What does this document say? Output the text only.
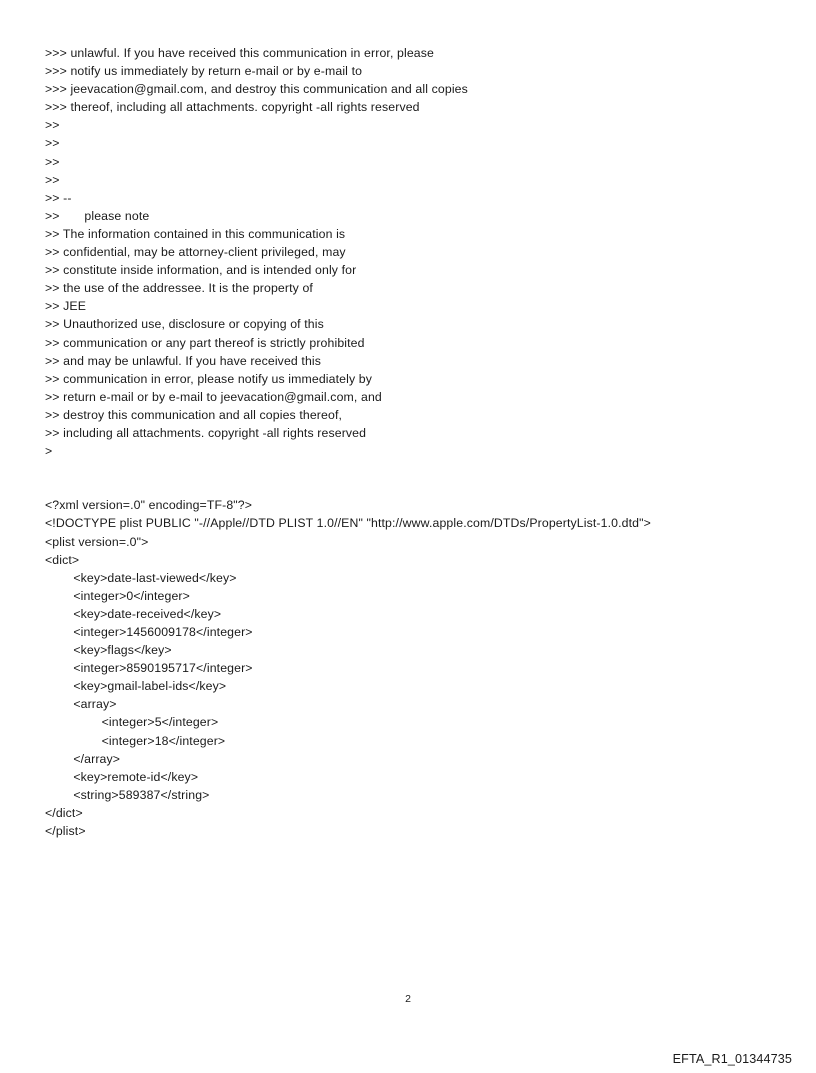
>>> unlawful. If you have received this communication in error, please
>>> notify us immediately by return e-mail or by e-mail to
>>> jeevacation@gmail.com, and destroy this communication and all copies
>>> thereof, including all attachments. copyright -all rights reserved
>>
>>
>>
>>
>> --
>>       please note
>> The information contained in this communication is
>> confidential, may be attorney-client privileged, may
>> constitute inside information, and is intended only for
>> the use of the addressee. It is the property of
>> JEE
>> Unauthorized use, disclosure or copying of this
>> communication or any part thereof is strictly prohibited
>> and may be unlawful. If you have received this
>> communication in error, please notify us immediately by
>> return e-mail or by e-mail to jeevacation@gmail.com, and
>> destroy this communication and all copies thereof,
>> including all attachments. copyright -all rights reserved
>
<?xml version=.0" encoding=TF-8"?>
<!DOCTYPE plist PUBLIC "-//Apple//DTD PLIST 1.0//EN" "http://www.apple.com/DTDs/PropertyList-1.0.dtd">
<plist version=.0">
<dict>
<key>date-last-viewed</key>
<integer>0</integer>
<key>date-received</key>
<integer>1456009178</integer>
<key>flags</key>
<integer>8590195717</integer>
<key>gmail-label-ids</key>
<array>
<integer>5</integer>
<integer>18</integer>
</array>
<key>remote-id</key>
<string>589387</string>
</dict>
</plist>
2
EFTA_R1_01344735
